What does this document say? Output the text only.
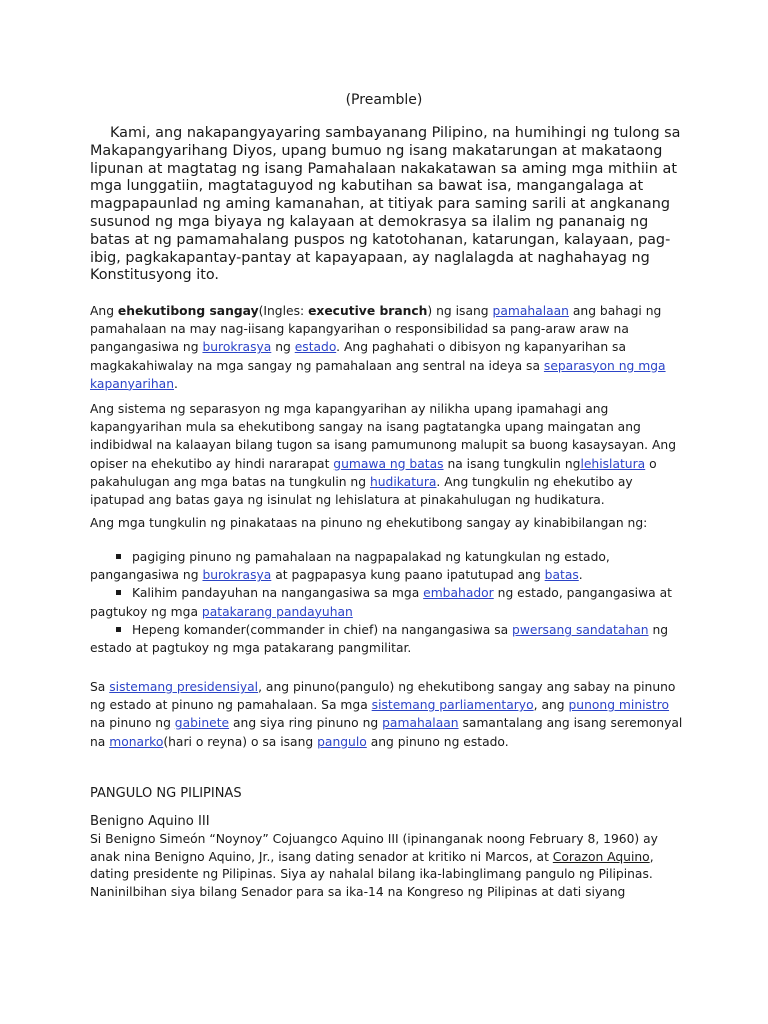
(Preamble)

Kami, ang nakapangyayaring sambayanang Pilipino, na humihingi ng tulong sa Makapangyarihang Diyos, upang bumuo ng isang makatarungan at makataong lipunan at magtatag ng isang Pamahalaan nakakatawan sa aming mga mithiin at mga lunggatiin, magtataguyod ng kabutihan sa bawat isa, mangangalaga at magpapaunlad ng aming kamanahan, at titiyak para saming sarili at angkanang susunod ng mga biyaya ng kalayaan at demokrasya sa ilalim ng pananaig ng batas at ng pamamahalang puspos ng katotohanan, katarungan, kalayaan, pag-ibig, pagkakapantay-pantay at kapayapaan, ay naglalagda at naghahayag ng Konstitusyong ito.

Ang ehekutibong sangay(Ingles: executive branch) ng isang pamahalaan ang bahagi ng pamahalaan na may nag-iisang kapangyarihan o responsibilidad sa pang-araw araw na pangangasiwa ng burokrasya ng estado. Ang paghahati o dibisyon ng kapanyarihan sa magkakahiwalay na mga sangay ng pamahalaan ang sentral na ideya sa separasyon ng mga kapanyarihan.

Ang sistema ng separasyon ng mga kapangyarihan ay nilikha upang ipamahagi ang kapangyarihan mula sa ehekutibong sangay na isang pagtatangka upang maingatan ang indibidwal na kalaayan bilang tugon sa isang pamumunong malupit sa buong kasaysayan. Ang opiser na ehekutibo ay hindi nararapat gumawa ng batas na isang tungkulin nglehislatura o pakahulugan ang mga batas na tungkulin ng hudikatura. Ang tungkulin ng ehekutibo ay ipatupad ang batas gaya ng isinulat ng lehislatura at pinakahulugan ng hudikatura.

Ang mga tungkulin ng pinakataas na pinuno ng ehekutibong sangay ay kinabibilangan ng:

pagiging pinuno ng pamahalaan na nagpapalakad ng katungkulan ng estado, pangangasiwa ng burokrasya at pagpapasya kung paano ipatutupad ang batas.
Kalihim pandayuhan na nangangasiwa sa mga embahador ng estado, pangangasiwa at pagtukoy ng mga patakarang pandayuhan
Hepeng komander(commander in chief) na nangangasiwa sa pwersang sandatahan ng estado at pagtukoy ng mga patakarang pangmilitar.

Sa sistemang presidensiyal, ang pinuno(pangulo) ng ehekutibong sangay ang sabay na pinuno ng estado at pinuno ng pamahalaan. Sa mga sistemang parliamentaryo, ang punong ministro na pinuno ng gabinete ang siya ring pinuno ng pamahalaan samantalang ang isang seremonyal na monarko(hari o reyna) o sa isang pangulo ang pinuno ng estado.

PANGULO NG PILIPINAS
Benigno Aquino III

Si Benigno Simeón “Noynoy” Cojuangco Aquino III (ipinanganak noong February 8, 1960) ay anak nina Benigno Aquino, Jr., isang dating senador at kritiko ni Marcos, at Corazon Aquino, dating presidente ng Pilipinas. Siya ay nahalal bilang ika-labinglimang pangulo ng Pilipinas. Naninilbihan siya bilang Senador para sa ika-14 na Kongreso ng Pilipinas at dati siyang
